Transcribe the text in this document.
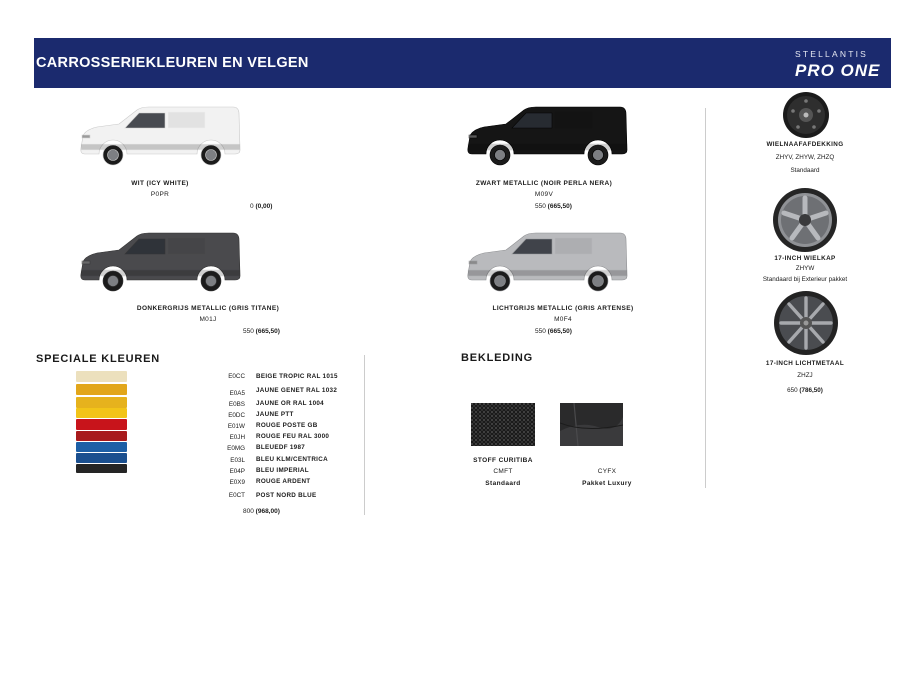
CARROSSERIEKLEUREN EN VELGEN
STELLANTIS
PRO ONE
WIT (ICY WHITE)
P0PR
0 (0,00)
ZWART METALLIC (NOIR PERLA NERA)
M09V
550 (665,50)
DONKERGRIJS METALLIC (GRIS TITANE)
M01J
550 (665,50)
LICHTGRIJS METALLIC (GRIS ARTENSE)
M0F4
550 (665,50)
SPECIALE KLEUREN
E0CC BEIGE TROPIC RAL 1015
E0A5 JAUNE GENET RAL 1032
E0BS JAUNE OR RAL 1004
E0DC JAUNE PTT
E01W ROUGE POSTE GB
E0JH ROUGE FEU RAL 3000
E0MG BLEUEDF 1987
E03L BLEU KLM/CENTRICA
E04P BLEU IMPERIAL
E0X9 ROUGE ARDENT
E0CT POST NORD BLUE
800 (968,00)
BEKLEDING
STOFF CURITIBA
CMFT
Standaard
CYFX
Pakket Luxury
WIELNAAFAFDEKKING
ZHYV, ZHYW, ZHZQ
Standaard
17-INCH WIELKAP
ZHYW
Standaard bij Exterieur pakket
17-INCH LICHTMETAAL
ZHZJ
650 (786,50)
